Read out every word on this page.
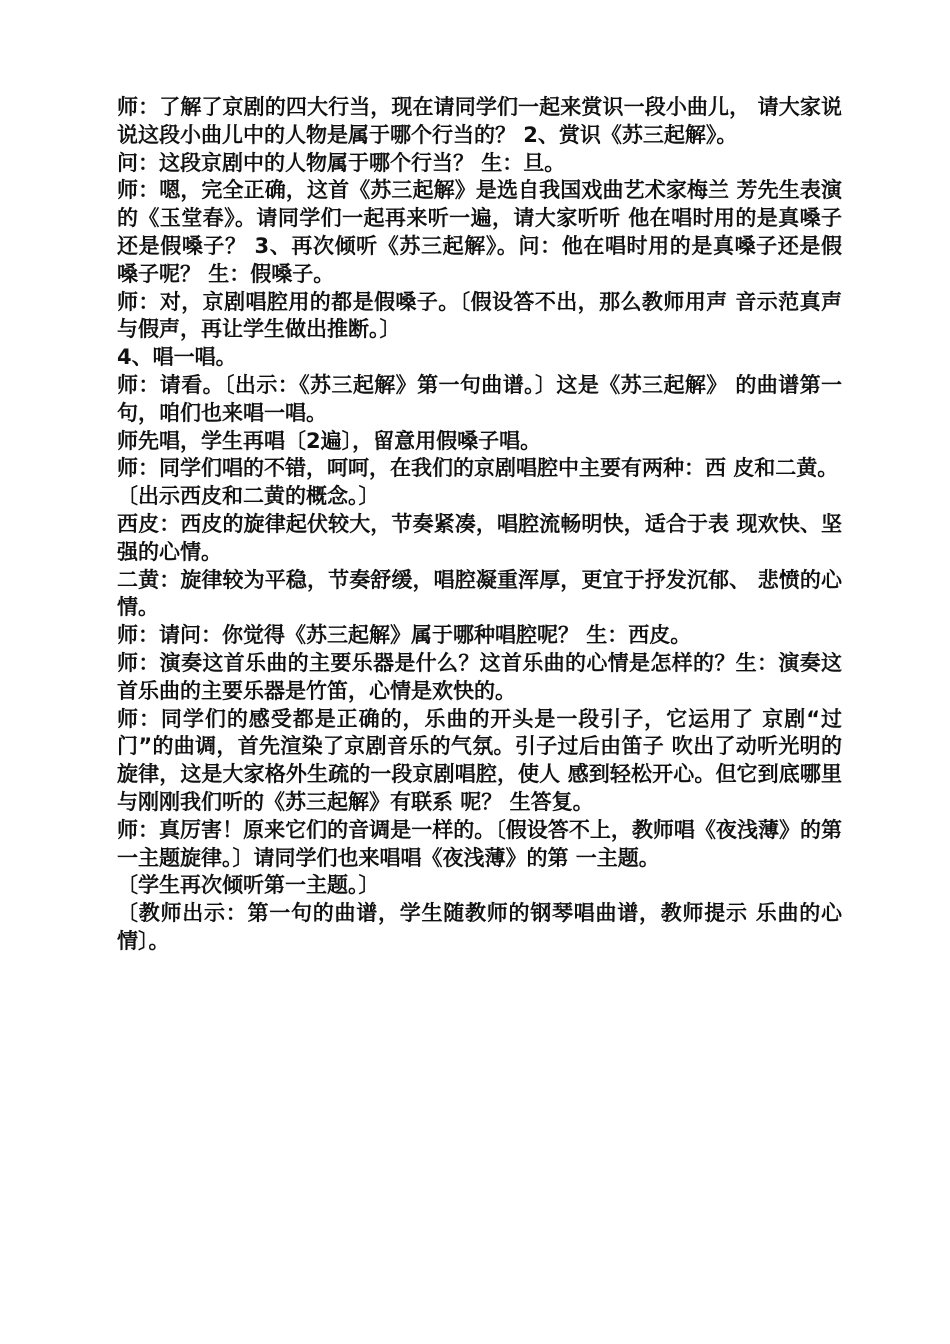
师：了解了京剧的四大行当，现在请同学们一起来赏识一段小曲儿， 请大家说说这段小曲儿中的人物是属于哪个行当的？ 2、赏识《苏三起解》。

问：这段京剧中的人物属于哪个行当？ 生：旦。

师：嗯，完全正确，这首《苏三起解》是选自我国戏曲艺术家梅兰 芳先生表演的《玉堂春》。请同学们一起再来听一遍，请大家听听 他在唱时用的是真嗓子还是假嗓子？ 3、再次倾听《苏三起解》。问：他在唱时用的是真嗓子还是假嗓子呢？ 生：假嗓子。

师：对，京剧唱腔用的都是假嗓子。〔假设答不出，那么教师用声 音示范真声与假声，再让学生做出推断。〕

4、唱一唱。

师：请看。〔出示：《苏三起解》第一句曲谱。〕这是《苏三起解》 的曲谱第一句，咱们也来唱一唱。

师先唱，学生再唱〔2遍〕，留意用假嗓子唱。

师：同学们唱的不错，呵呵，在我们的京剧唱腔中主要有两种：西 皮和二黄。

〔出示西皮和二黄的概念。〕

西皮：西皮的旋律起伏较大，节奏紧凑，唱腔流畅明快，适合于表 现欢快、坚强的心情。

二黄：旋律较为平稳，节奏舒缓，唱腔凝重浑厚，更宜于抒发沉郁、 悲愤的心情。

师：请问：你觉得《苏三起解》属于哪种唱腔呢？ 生：西皮。

师：演奏这首乐曲的主要乐器是什么？这首乐曲的心情是怎样的？生：演奏这首乐曲的主要乐器是竹笛，心情是欢快的。

师：同学们的感受都是正确的，乐曲的开头是一段引子，它运用了 京剧“过门”的曲调，首先渲染了京剧音乐的气氛。引子过后由笛子 吹出了动听光明的旋律，这是大家格外生疏的一段京剧唱腔，使人 感到轻松开心。但它到底哪里与刚刚我们听的《苏三起解》有联系 呢？ 生答复。

师：真厉害！原来它们的音调是一样的。〔假设答不上，教师唱《夜浅薄》的第一主题旋律。〕请同学们也来唱唱《夜浅薄》的第 一主题。

〔学生再次倾听第一主题。〕

〔教师出示：第一句的曲谱，学生随教师的钢琴唱曲谱，教师提示 乐曲的心情〕。
